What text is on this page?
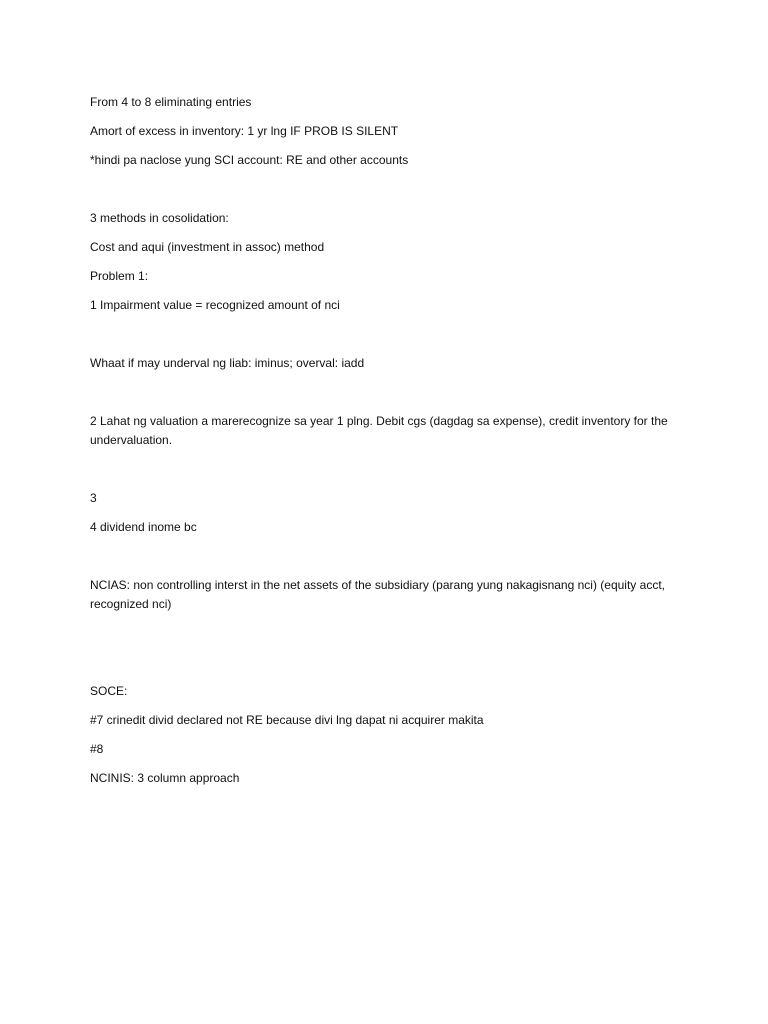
From 4 to 8 eliminating entries

Amort of excess in inventory: 1 yr lng IF PROB IS SILENT

*hindi pa naclose yung SCI account: RE and other accounts

3 methods in cosolidation:

Cost and aqui (investment in assoc) method

Problem 1:

1 Impairment value = recognized amount of nci

Whaat if may underval ng liab: iminus; overval: iadd

2 Lahat ng valuation a marerecognize sa year 1 plng. Debit cgs (dagdag sa expense), credit inventory for the undervaluation.

3

4 dividend inome bc

NCIAS: non controlling interst in the net assets of the subsidiary (parang yung nakagisnang nci) (equity acct, recognized nci)

SOCE:

#7 crinedit divid declared not RE because divi lng dapat ni acquirer makita

#8

NCINIS: 3 column approach
